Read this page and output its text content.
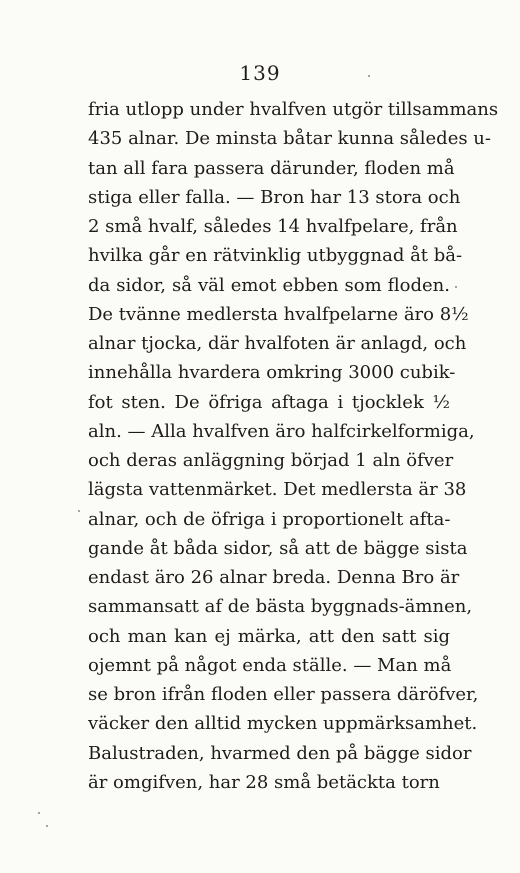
139
fria utlopp under hvalfven utgör tillsammans
435 alnar. De minsta båtar kunna således u-
tan all fara passera därunder, floden må
stiga eller falla. — Bron har 13 stora och
2 små hvalf, således 14 hvalfpelare, från
hvilka går en rätvinklig utbyggnad åt bå-
da sidor, så väl emot ebben som floden.
De tvänne medlersta hvalfpelarne äro 8½
alnar tjocka, där hvalfoten är anlagd, och
innehålla hvardera omkring 3000 cubik-
fot sten. De öfriga aftaga i tjocklek ½
aln. — Alla hvalfven äro halfcirkelformiga,
och deras anläggning börjad 1 aln öfver
lägsta vattenmärket. Det medlersta är 38
alnar, och de öfriga i proportionelt afta-
gande åt båda sidor, så att de bägge sista
endast äro 26 alnar breda. Denna Bro är
sammansatt af de bästa byggnads-ämnen,
och man kan ej märka, att den satt sig
ojemnt på något enda ställe. — Man må
se bron ifrån floden eller passera däröfver,
väcker den alltid mycken uppmärksamhet.
Balustraden, hvarmed den på bägge sidor
är omgifven, har 28 små betäckta torn
